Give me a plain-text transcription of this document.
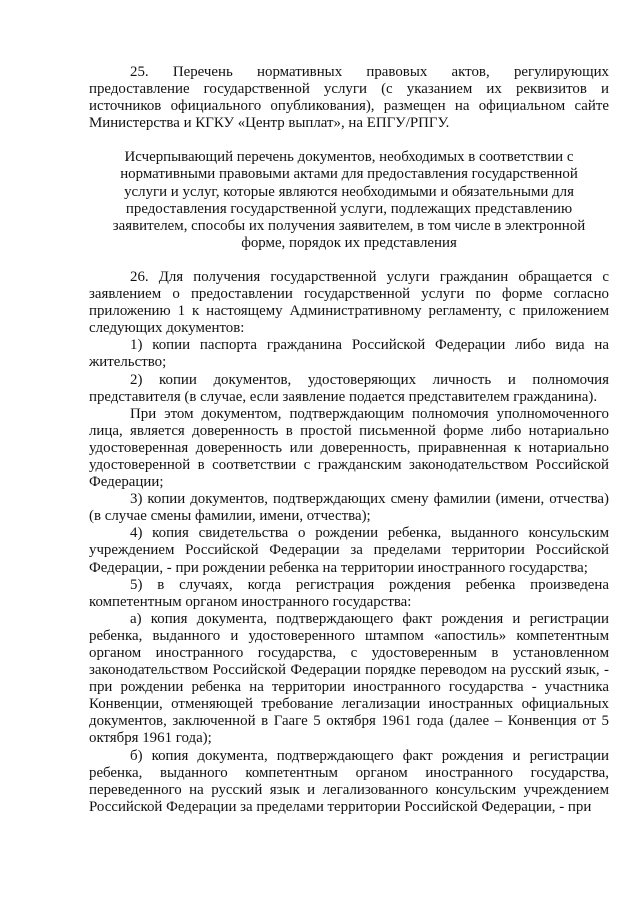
25. Перечень нормативных правовых актов, регулирующих предоставление государственной услуги (с указанием их реквизитов и источников официального опубликования), размещен на официальном сайте Министерства и КГКУ «Центр выплат», на ЕПГУ/РПГУ.

Исчерпывающий перечень документов, необходимых в соответствии с нормативными правовыми актами для предоставления государственной услуги и услуг, которые являются необходимыми и обязательными для предоставления государственной услуги, подлежащих представлению заявителем, способы их получения заявителем, в том числе в электронной форме, порядок их представления

26. Для получения государственной услуги гражданин обращается с заявлением о предоставлении государственной услуги по форме согласно приложению 1 к настоящему Административному регламенту, с приложением следующих документов:

1) копии паспорта гражданина Российской Федерации либо вида на жительство;

2) копии документов, удостоверяющих личность и полномочия представителя (в случае, если заявление подается представителем гражданина).

При этом документом, подтверждающим полномочия уполномоченного лица, является доверенность в простой письменной форме либо нотариально удостоверенная доверенность или доверенность, приравненная к нотариально удостоверенной в соответствии с гражданским законодательством Российской Федерации;

3) копии документов, подтверждающих смену фамилии (имени, отчества) (в случае смены фамилии, имени, отчества);

4) копия свидетельства о рождении ребенка, выданного консульским учреждением Российской Федерации за пределами территории Российской Федерации, - при рождении ребенка на территории иностранного государства;

5) в случаях, когда регистрация рождения ребенка произведена компетентным органом иностранного государства:

а) копия документа, подтверждающего факт рождения и регистрации ребенка, выданного и удостоверенного штампом «апостиль» компетентным органом иностранного государства, с удостоверенным в установленном законодательством Российской Федерации порядке переводом на русский язык, - при рождении ребенка на территории иностранного государства - участника Конвенции, отменяющей требование легализации иностранных официальных документов, заключенной в Гааге 5 октября 1961 года (далее – Конвенция от 5 октября 1961 года);

б) копия документа, подтверждающего факт рождения и регистрации ребенка, выданного компетентным органом иностранного государства, переведенного на русский язык и легализованного консульским учреждением Российской Федерации за пределами территории Российской Федерации, - при
